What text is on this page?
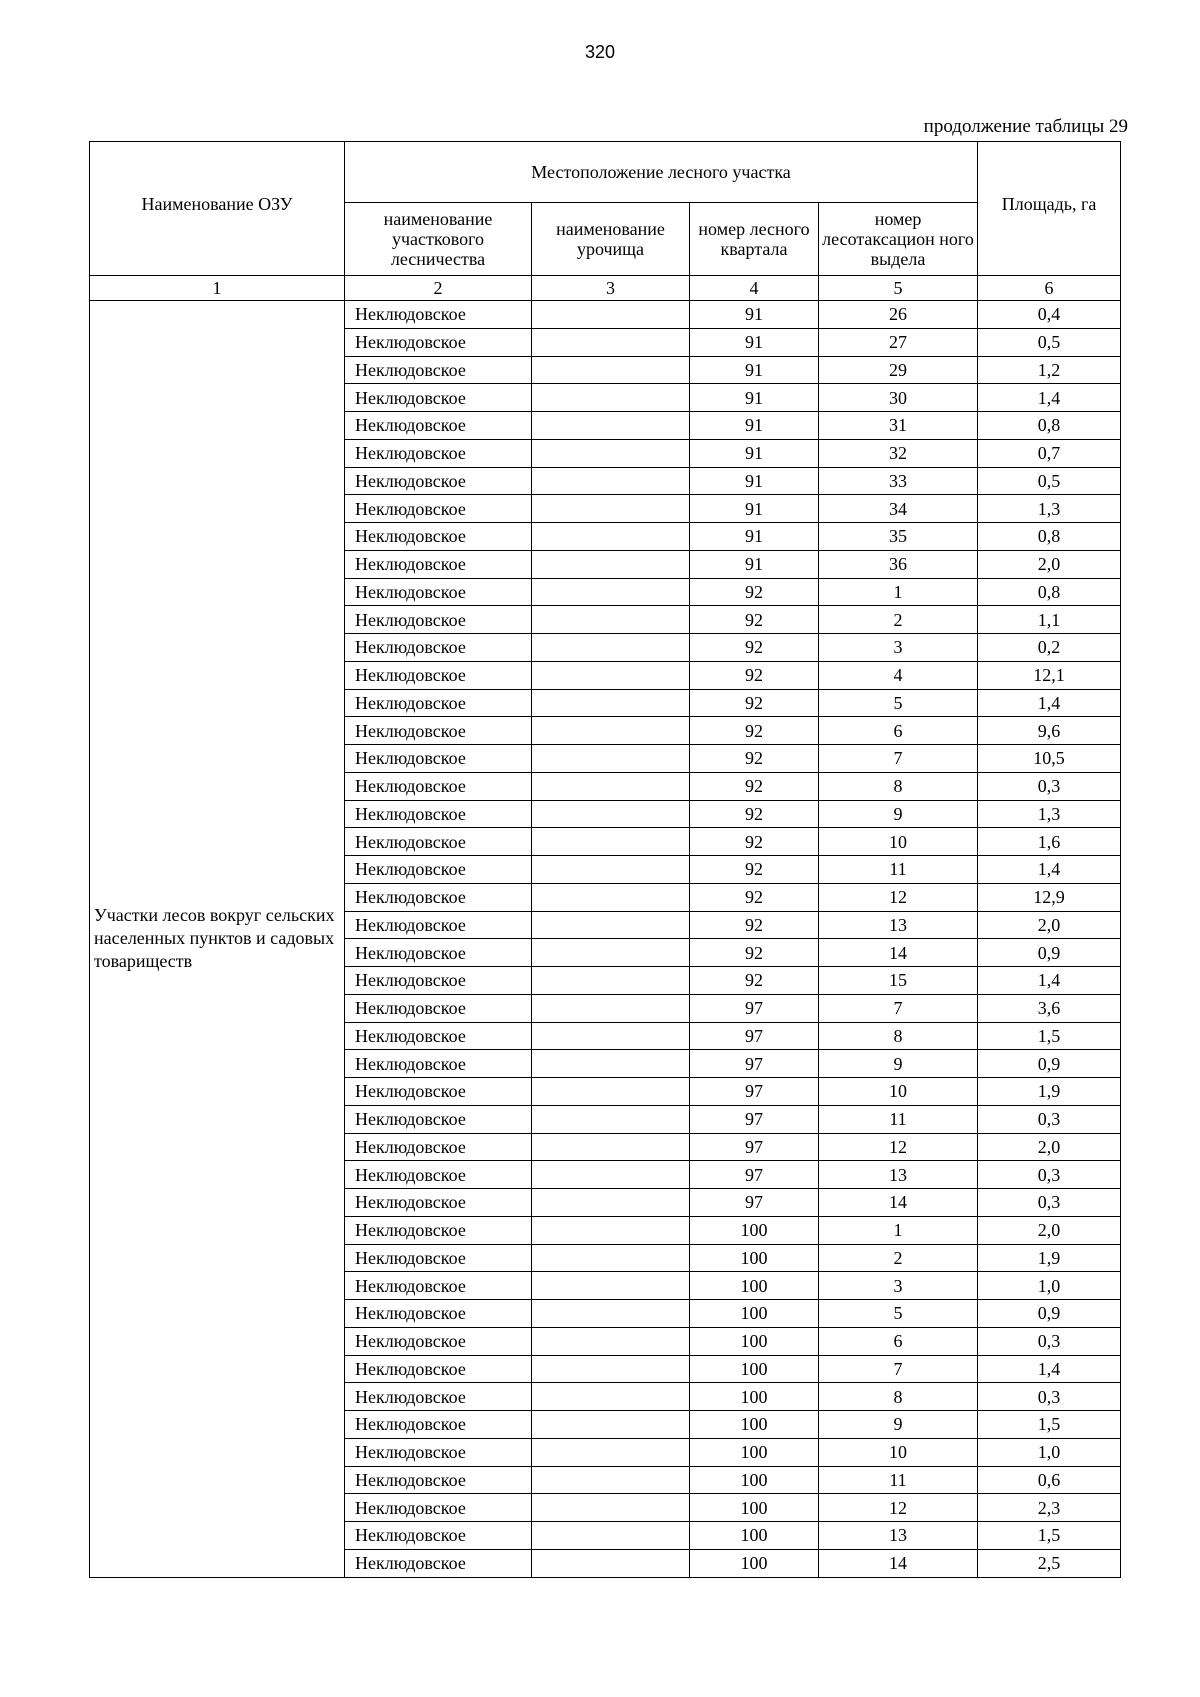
320
продолжение таблицы 29
Наименование ОЗУ	Местоположение лесного участка				Площадь, га
	наименование участкового лесничества	наименование урочища	номер лесного квартала	номер лесотаксацион ного выдела	
1	2	3	4	5	6
Участки лесов вокруг сельских населенных пунктов и садовых товариществ	Неклюдовское		91	26	0,4
	Неклюдовское		91	27	0,5
	Неклюдовское		91	29	1,2
	Неклюдовское		91	30	1,4
	Неклюдовское		91	31	0,8
	Неклюдовское		91	32	0,7
	Неклюдовское		91	33	0,5
	Неклюдовское		91	34	1,3
	Неклюдовское		91	35	0,8
	Неклюдовское		91	36	2,0
	Неклюдовское		92	1	0,8
	Неклюдовское		92	2	1,1
	Неклюдовское		92	3	0,2
	Неклюдовское		92	4	12,1
	Неклюдовское		92	5	1,4
	Неклюдовское		92	6	9,6
	Неклюдовское		92	7	10,5
	Неклюдовское		92	8	0,3
	Неклюдовское		92	9	1,3
	Неклюдовское		92	10	1,6
	Неклюдовское		92	11	1,4
	Неклюдовское		92	12	12,9
	Неклюдовское		92	13	2,0
	Неклюдовское		92	14	0,9
	Неклюдовское		92	15	1,4
	Неклюдовское		97	7	3,6
	Неклюдовское		97	8	1,5
	Неклюдовское		97	9	0,9
	Неклюдовское		97	10	1,9
	Неклюдовское		97	11	0,3
	Неклюдовское		97	12	2,0
	Неклюдовское		97	13	0,3
	Неклюдовское		97	14	0,3
	Неклюдовское		100	1	2,0
	Неклюдовское		100	2	1,9
	Неклюдовское		100	3	1,0
	Неклюдовское		100	5	0,9
	Неклюдовское		100	6	0,3
	Неклюдовское		100	7	1,4
	Неклюдовское		100	8	0,3
	Неклюдовское		100	9	1,5
	Неклюдовское		100	10	1,0
	Неклюдовское		100	11	0,6
	Неклюдовское		100	12	2,3
	Неклюдовское		100	13	1,5
	Неклюдовское		100	14	2,5
